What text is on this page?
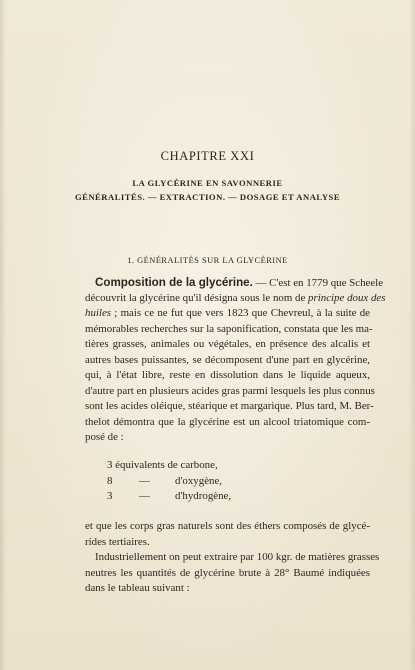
CHAPITRE XXI
LA GLYCÉRINE EN SAVONNERIE
GÉNÉRALITÉS. — EXTRACTION. — DOSAGE ET ANALYSE
1. GÉNÉRALITÉS SUR LA GLYCÉRINE
Composition de la glycérine. — C'est en 1779 que Scheele
découvrit la glycérine qu'il désigna sous le nom de principe doux des
huiles ; mais ce ne fut que vers 1823 que Chevreul, à la suite de
mémorables recherches sur la saponification, constata que les ma-
tières grasses, animales ou végétales, en présence des alcalis et
autres bases puissantes, se décomposent d'une part en glycérine,
qui, à l'état libre, reste en dissolution dans le liquide aqueux,
d'autre part en plusieurs acides gras parmi lesquels les plus connus
sont les acides oléique, stéarique et margarique. Plus tard, M. Ber-
thelot démontra que la glycérine est un alcool triatomique com-
posé de :
3 équivalents de carbone,
8 — d'oxygène,
3 — d'hydrogène,
et que les corps gras naturels sont des éthers composés de glycé-
rides tertiaires.
Industriellement on peut extraire par 100 kgr. de matières grasses
neutres les quantités de glycérine brute à 28° Baumé indiquées
dans le tableau suivant :
